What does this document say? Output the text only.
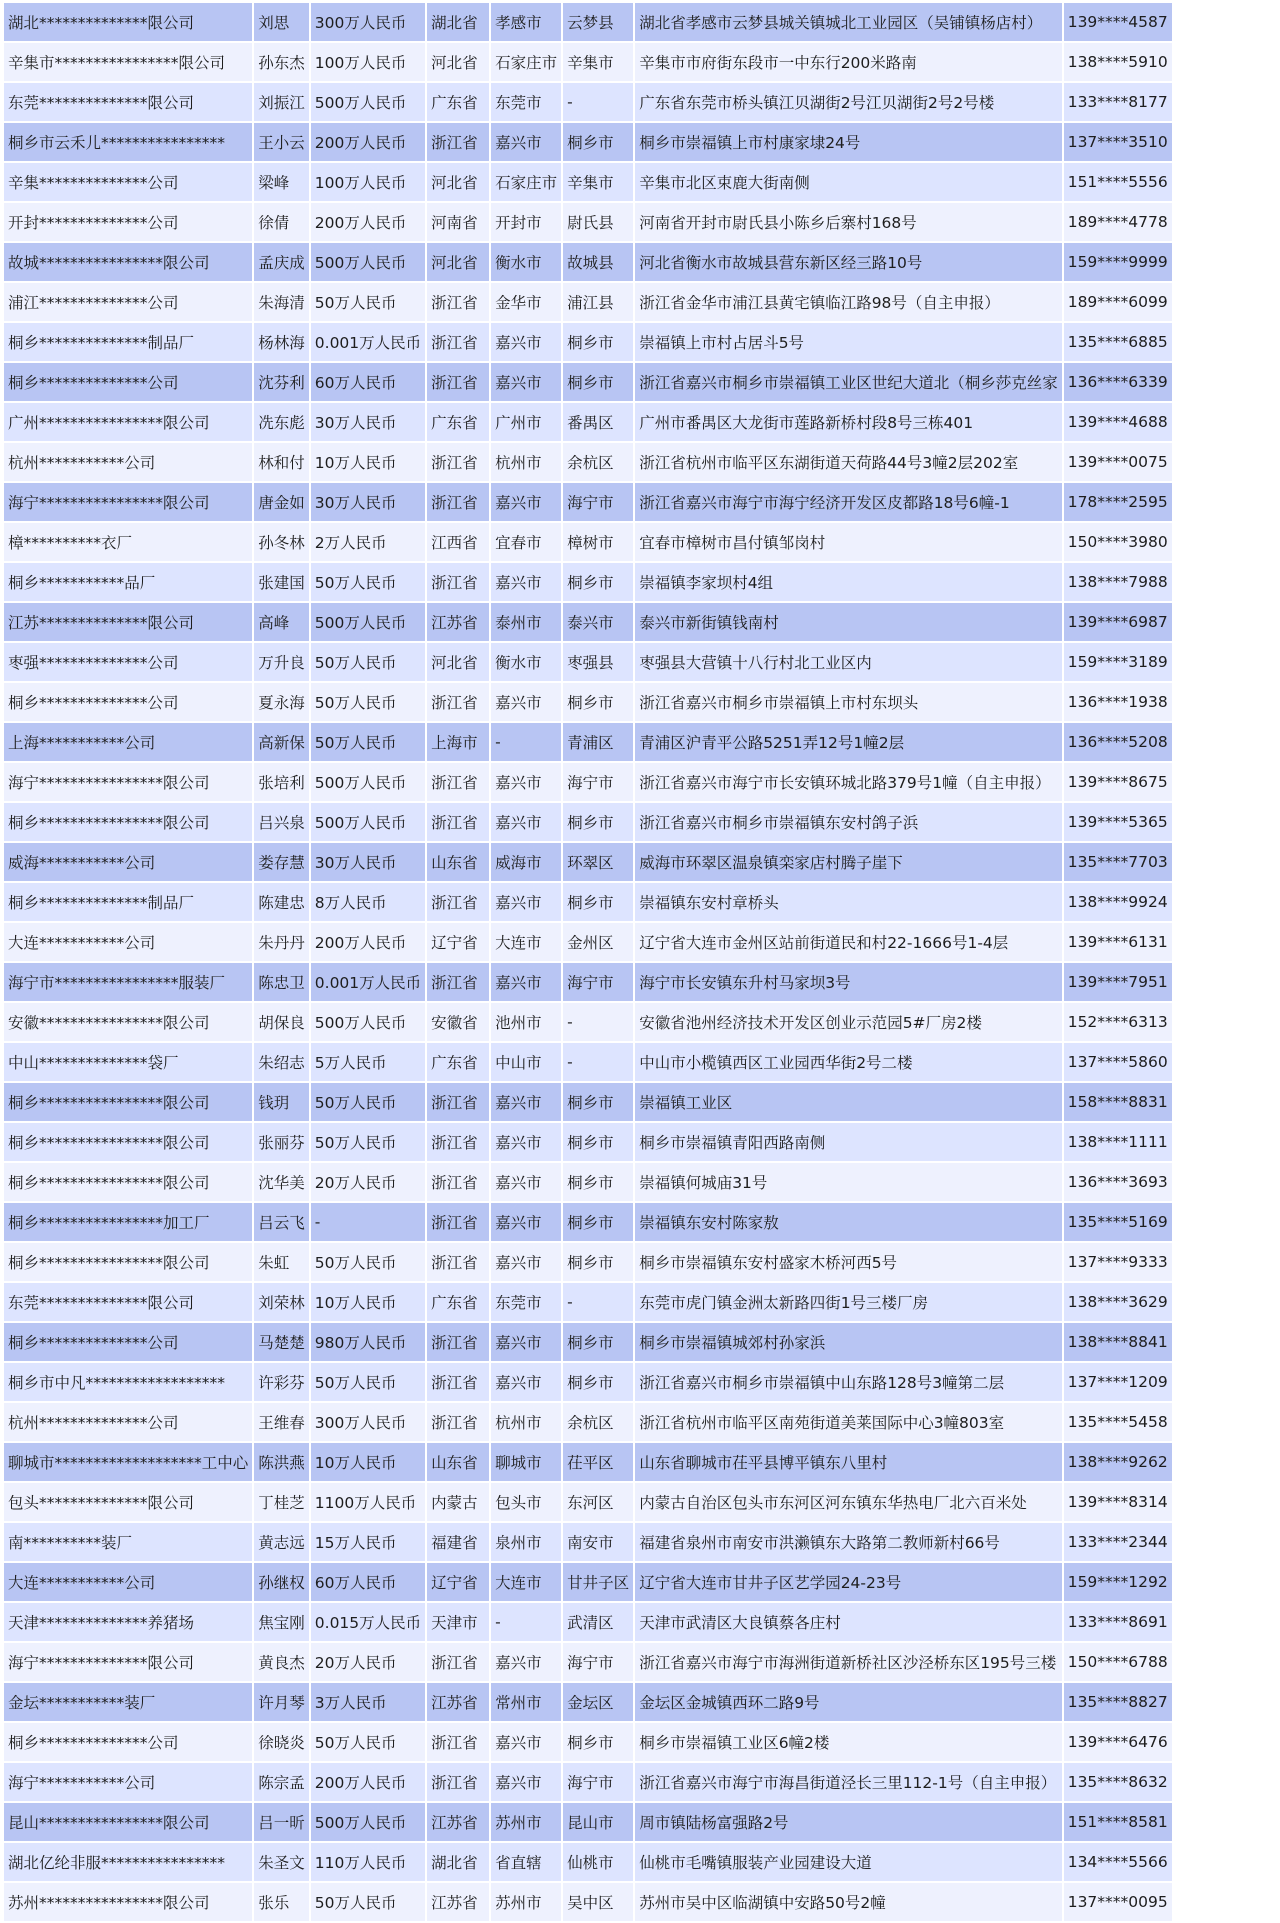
湖北**************限公司	刘思	300万人民币	湖北省	孝感市	云梦县	湖北省孝感市云梦县城关镇城北工业园区（吴铺镇杨店村）	139****4587
辛集市****************限公司	孙东杰	100万人民币	河北省	石家庄市	辛集市	辛集市市府街东段市一中东行200米路南	138****5910
东莞**************限公司	刘振江	500万人民币	广东省	东莞市	-	广东省东莞市桥头镇江贝湖街2号江贝湖街2号2号楼	133****8177
桐乡市云禾儿****************	王小云	200万人民币	浙江省	嘉兴市	桐乡市	桐乡市崇福镇上市村康家埭24号	137****3510
辛集**************公司	梁峰	100万人民币	河北省	石家庄市	辛集市	辛集市北区束鹿大街南侧	151****5556
开封**************公司	徐倩	200万人民币	河南省	开封市	尉氏县	河南省开封市尉氏县小陈乡后寨村168号	189****4778
故城****************限公司	孟庆成	500万人民币	河北省	衡水市	故城县	河北省衡水市故城县营东新区经三路10号	159****9999
浦江**************公司	朱海清	50万人民币	浙江省	金华市	浦江县	浙江省金华市浦江县黄宅镇临江路98号（自主申报）	189****6099
桐乡**************制品厂	杨林海	0.001万人民币	浙江省	嘉兴市	桐乡市	崇福镇上市村占居斗5号	135****6885
桐乡**************公司	沈芬利	60万人民币	浙江省	嘉兴市	桐乡市	浙江省嘉兴市桐乡市崇福镇工业区世纪大道北（桐乡莎克丝家	136****6339
广州****************限公司	冼东彪	30万人民币	广东省	广州市	番禺区	广州市番禺区大龙街市莲路新桥村段8号三栋401	139****4688
杭州***********公司	林和付	10万人民币	浙江省	杭州市	余杭区	浙江省杭州市临平区东湖街道天荷路44号3幢2层202室	139****0075
海宁****************限公司	唐金如	30万人民币	浙江省	嘉兴市	海宁市	浙江省嘉兴市海宁市海宁经济开发区皮都路18号6幢-1	178****2595
樟**********衣厂	孙冬林	2万人民币	江西省	宜春市	樟树市	宜春市樟树市昌付镇邹岗村	150****3980
桐乡***********品厂	张建国	50万人民币	浙江省	嘉兴市	桐乡市	崇福镇李家坝村4组	138****7988
江苏**************限公司	高峰	500万人民币	江苏省	泰州市	泰兴市	泰兴市新街镇钱南村	139****6987
枣强**************公司	万升良	50万人民币	河北省	衡水市	枣强县	枣强县大营镇十八行村北工业区内	159****3189
桐乡**************公司	夏永海	50万人民币	浙江省	嘉兴市	桐乡市	浙江省嘉兴市桐乡市崇福镇上市村东坝头	136****1938
上海***********公司	高新保	50万人民币	上海市	-	青浦区	青浦区沪青平公路5251弄12号1幢2层	136****5208
海宁****************限公司	张培利	500万人民币	浙江省	嘉兴市	海宁市	浙江省嘉兴市海宁市长安镇环城北路379号1幢（自主申报）	139****8675
桐乡****************限公司	吕兴泉	500万人民币	浙江省	嘉兴市	桐乡市	浙江省嘉兴市桐乡市崇福镇东安村鸽子浜	139****5365
威海***********公司	娄存慧	30万人民币	山东省	威海市	环翠区	威海市环翠区温泉镇栾家店村腾子崖下	135****7703
桐乡**************制品厂	陈建忠	8万人民币	浙江省	嘉兴市	桐乡市	崇福镇东安村章桥头	138****9924
大连***********公司	朱丹丹	200万人民币	辽宁省	大连市	金州区	辽宁省大连市金州区站前街道民和村22-1666号1-4层	139****6131
海宁市****************服装厂	陈忠卫	0.001万人民币	浙江省	嘉兴市	海宁市	海宁市长安镇东升村马家坝3号	139****7951
安徽****************限公司	胡保良	500万人民币	安徽省	池州市	-	安徽省池州经济技术开发区创业示范园5#厂房2楼	152****6313
中山**************袋厂	朱绍志	5万人民币	广东省	中山市	-	中山市小榄镇西区工业园西华街2号二楼	137****5860
桐乡****************限公司	钱玥	50万人民币	浙江省	嘉兴市	桐乡市	崇福镇工业区	158****8831
桐乡****************限公司	张丽芬	50万人民币	浙江省	嘉兴市	桐乡市	桐乡市崇福镇青阳西路南侧	138****1111
桐乡****************限公司	沈华美	20万人民币	浙江省	嘉兴市	桐乡市	崇福镇何城庙31号	136****3693
桐乡****************加工厂	吕云飞	-	浙江省	嘉兴市	桐乡市	崇福镇东安村陈家敖	135****5169
桐乡****************限公司	朱虹	50万人民币	浙江省	嘉兴市	桐乡市	桐乡市崇福镇东安村盛家木桥河西5号	137****9333
东莞**************限公司	刘荣林	10万人民币	广东省	东莞市	-	东莞市虎门镇金洲太新路四街1号三楼厂房	138****3629
桐乡**************公司	马楚楚	980万人民币	浙江省	嘉兴市	桐乡市	桐乡市崇福镇城郊村孙家浜	138****8841
桐乡市中凡******************	许彩芬	50万人民币	浙江省	嘉兴市	桐乡市	浙江省嘉兴市桐乡市崇福镇中山东路128号3幢第二层	137****1209
杭州**************公司	王维春	300万人民币	浙江省	杭州市	余杭区	浙江省杭州市临平区南苑街道美莱国际中心3幢803室	135****5458
聊城市*******************工中心	陈洪燕	10万人民币	山东省	聊城市	茌平区	山东省聊城市茌平县博平镇东八里村	138****9262
包头**************限公司	丁桂芝	1100万人民币	内蒙古	包头市	东河区	内蒙古自治区包头市东河区河东镇东华热电厂北六百米处	139****8314
南**********装厂	黄志远	15万人民币	福建省	泉州市	南安市	福建省泉州市南安市洪濑镇东大路第二教师新村66号	133****2344
大连***********公司	孙继权	60万人民币	辽宁省	大连市	甘井子区	辽宁省大连市甘井子区艺学园24-23号	159****1292
天津**************养猪场	焦宝刚	0.015万人民币	天津市	-	武清区	天津市武清区大良镇蔡各庄村	133****8691
海宁**************限公司	黄良杰	20万人民币	浙江省	嘉兴市	海宁市	浙江省嘉兴市海宁市海洲街道新桥社区沙泾桥东区195号三楼	150****6788
金坛***********装厂	许月琴	3万人民币	江苏省	常州市	金坛区	金坛区金城镇西环二路9号	135****8827
桐乡**************公司	徐晓炎	50万人民币	浙江省	嘉兴市	桐乡市	桐乡市崇福镇工业区6幢2楼	139****6476
海宁***********公司	陈宗孟	200万人民币	浙江省	嘉兴市	海宁市	浙江省嘉兴市海宁市海昌街道泾长三里112-1号（自主申报）	135****8632
昆山****************限公司	吕一昕	500万人民币	江苏省	苏州市	昆山市	周市镇陆杨富强路2号	151****8581
湖北亿纶非服****************	朱圣文	110万人民币	湖北省	省直辖	仙桃市	仙桃市毛嘴镇服装产业园建设大道	134****5566
苏州****************限公司	张乐	50万人民币	江苏省	苏州市	吴中区	苏州市吴中区临湖镇中安路50号2幢	137****0095
